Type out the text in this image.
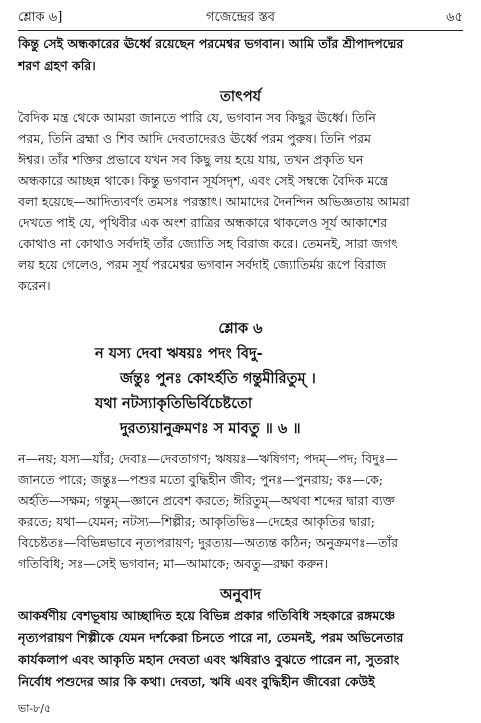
শ্লোক ৬]	গজেন্দ্রের স্তব	৬৫

কিন্তু সেই অন্ধকারের ঊর্ধ্বে রয়েছেন পরমেশ্বর ভগবান। আমি তাঁর শ্রীপাদপদ্মের

শরণ গ্রহণ করি।

তাৎপর্য

বৈদিক মন্ত্র থেকে আমরা জানতে পারি যে, ভগবান সব কিছুর ঊর্ধ্বে। তিনি

পরম, তিনি ব্রহ্মা ও শিব আদি দেবতাদেরও ঊর্ধ্বে পরম পুরুষ। তিনি পরম

ঈশ্বর। তাঁর শক্তির প্রভাবে যখন সব কিছু লয় হয়ে যায়, তখন প্রকৃতি ঘন

অন্ধকারে আচ্ছন্ন থাকে। কিন্তু ভগবান সূর্যসদৃশ, এবং সেই সম্বন্ধে বৈদিক মন্ত্রে

বলা হয়েছে—আদিত্যবর্ণং তমসঃ পরস্তাৎ। আমাদের দৈনন্দিন অভিজ্ঞতায় আমরা

দেখতে পাই যে, পৃথিবীর এক অংশ রাত্রির অন্ধকারে থাকলেও সূর্য আকাশের

কোথাও না কোথাও সর্বদাই তাঁর জ্যোতি সহ বিরাজ করে। তেমনই, সারা জগৎ

লয় হয়ে গেলেও, পরম সূর্য পরমেশ্বর ভগবান সর্বদাই জ্যোতির্ময় রূপে বিরাজ

করেন।

শ্লোক ৬

ন যস্য দেবা ঋষয়ঃ পদং বিদু-

র্জন্তুঃ পুনঃ কোঽর্হতি গন্তুমীরিতুম্ ।

যথা নটস্যাকৃতিভির্বিচেষ্টতো

দুরত্যয়ানুক্রমণঃ স মাবতু ॥ ৬ ॥

ন—নয়; যস্য—যাঁর; দেবাঃ—দেবতাগণ; ঋষয়ঃ—ঋষিগণ; পদম্—পদ; বিদুঃ—

জানতে পারে; জন্তুঃ—পশুর মতো বুদ্ধিহীন জীব; পুনঃ—পুনরায়; কঃ—কে;

অর্হতি—সক্ষম; গন্তুম্—জ্ঞানে প্রবেশ করতে; ঈরিতুম্—অথবা শব্দের দ্বারা ব্যক্ত

করতে; যথা—যেমন; নটস্য—শিল্পীর; আকৃতিভিঃ—দেহের আকৃতির দ্বারা;

বিচেষ্টতঃ—বিভিন্নভাবে নৃত্যপরায়ণ; দুরত্যয়—অত্যন্ত কঠিন; অনুক্রমণঃ—তাঁর

গতিবিধি; সঃ—সেই ভগবান; মা—আমাকে; অবতু—রক্ষা করুন।

অনুবাদ

আকর্ষণীয় বেশভূষায় আচ্ছাদিত হয়ে বিভিন্ন প্রকার গতিবিধি সহকারে রঙ্গমঞ্চে

নৃত্যপরায়ণ শিল্পীকে যেমন দর্শকেরা চিনতে পারে না, তেমনই, পরম অভিনেতার

কার্যকলাপ এবং আকৃতি মহান দেবতা এবং ঋষিরাও বুঝতে পারেন না, সুতরাং

নির্বোধ পশুদের আর কি কথা। দেবতা, ঋষি এবং বুদ্ধিহীন জীবেরা কেউই

ভা-৮/৫
